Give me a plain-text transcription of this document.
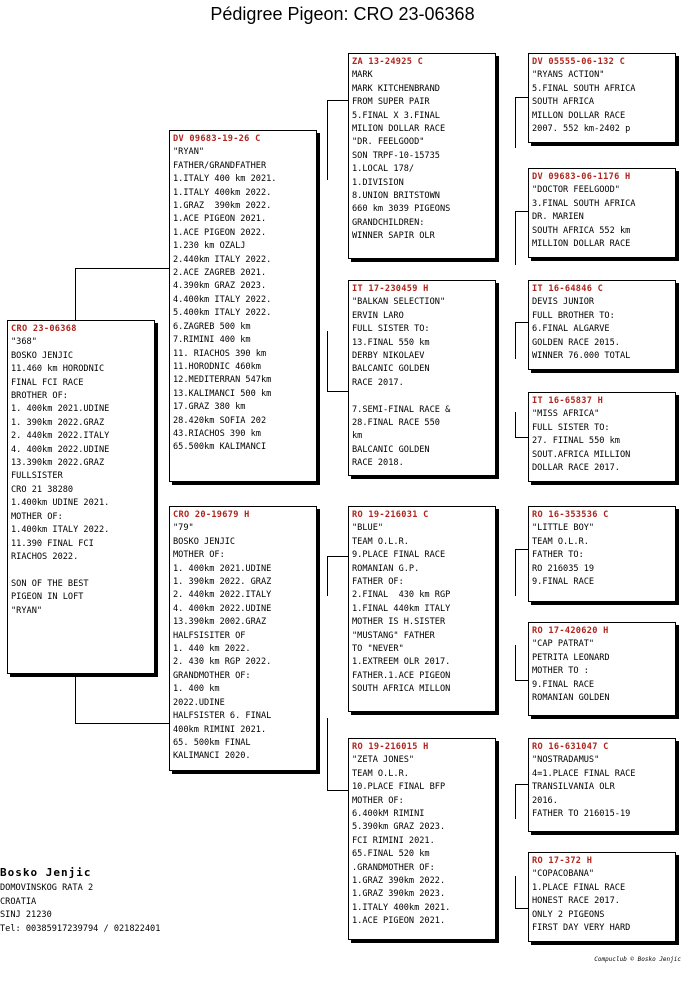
Pédigree Pigeon: CRO 23-06368
CRO 23-06368
"368"
BOSKO JENJIC
11.460 km HORODNIC
FINAL FCI RACE
BROTHER OF:
1. 400km 2021.UDINE
1. 390km 2022.GRAZ
2. 440km 2022.ITALY
4. 400km 2022.UDINE
13.390km 2022.GRAZ
FULLSISTER
CRO 21 38280
1.400km UDINE 2021.
MOTHER OF:
1.400km ITALY 2022.
11.390 FINAL FCI
RIACHOS 2022.
SON OF THE BEST
PIGEON IN LOFT
"RYAN"
DV 09683-19-26 C
"RYAN"
FATHER/GRANDFATHER
1.ITALY 400 km 2021.
1.ITALY 400km 2022.
1.GRAZ  390km 2022.
1.ACE PIGEON 2021.
1.ACE PIGEON 2022.
1.230 km OZALJ
2.440km ITALY 2022.
2.ACE ZAGREB 2021.
4.390km GRAZ 2023.
4.400km ITALY 2022.
5.400km ITALY 2022.
6.ZAGREB 500 km
7.RIMINI 400 km
11. RIACHOS 390 km
11.HORODNIC 460km
12.MEDITERRAN 547km
13.KALIMANCI 500 km
17.GRAZ 380 km
28.420km SOFIA 202
43.RIACHOS 390 km
65.500km KALIMANCI
CRO 20-19679 H
"79"
BOSKO JENJIC
MOTHER OF:
1. 400km 2021.UDINE
1. 390km 2022. GRAZ
2. 440km 2022.ITALY
4. 400km 2022.UDINE
13.390km 2002.GRAZ
HALFSISITER OF
1. 440 km 2022.
2. 430 km RGP 2022.
GRANDMOTHER OF:
1. 400 km
2022.UDINE
HALFSISTER 6. FINAL
400km RIMINI 2021.
65. 500km FINAL
KALIMANCI 2020.
ZA 13-24925 C
MARK
MARK KITCHENBRAND
FROM SUPER PAIR
5.FINAL X 3.FINAL
MILION DOLLAR RACE
"DR. FEELGOOD"
SON TRPF-10-15735
1.LOCAL 178/
1.DIVISION
8.UNION BRITSTOWN
660 km 3039 PIGEONS
GRANDCHILDREN:
WINNER SAPIR OLR
IT 17-230459 H
"BALKAN SELECTION"
ERVIN LARO
FULL SISTER TO:
13.FINAL 550 km
DERBY NIKOLAEV
BALCANIC GOLDEN
RACE 2017.
7.SEMI-FINAL RACE &
28.FINAL RACE 550
km
BALCANIC GOLDEN
RACE 2018.
RO 19-216031 C
"BLUE"
TEAM O.L.R.
9.PLACE FINAL RACE
ROMANIAN G.P.
FATHER OF:
2.FINAL  430 km RGP
1.FINAL 440km ITALY
MOTHER IS H.SISTER
"MUSTANG" FATHER
TO "NEVER"
1.EXTREEM OLR 2017.
FATHER.1.ACE PIGEON
SOUTH AFRICA MILLON
RO 19-216015 H
"ZETA JONES"
TEAM O.L.R.
10.PLACE FINAL BFP
MOTHER OF:
6.400kM RIMINI
5.390km GRAZ 2023.
FCI RIMINI 2021.
65.FINAL 520 km
.GRANDMOTHER OF:
1.GRAZ 390km 2022.
1.GRAZ 390km 2023.
1.ITALY 400km 2021.
1.ACE PIGEON 2021.
DV 05555-06-132 C
"RYANS ACTION"
5.FINAL SOUTH AFRICA
SOUTH AFRICA
MILLON DOLLAR RACE
2007. 552 km-2402 p
DV 09683-06-1176 H
"DOCTOR FEELGOOD"
3.FINAL SOUTH AFRICA
DR. MARIEN
SOUTH AFRICA 552 km
MILLION DOLLAR RACE
IT 16-64846 C
DEVIS JUNIOR
FULL BROTHER TO:
6.FINAL ALGARVE
GOLDEN RACE 2015.
WINNER 76.000 TOTAL
IT 16-65837 H
"MISS AFRICA"
FULL SISTER TO:
27. FIINAL 550 km
SOUT.AFRICA MILLION
DOLLAR RACE 2017.
RO 16-353536 C
"LITTLE BOY"
TEAM O.L.R.
FATHER TO:
RO 216035 19
9.FINAL RACE
RO 17-420620 H
"CAP PATRAT"
PETRITA LEONARD
MOTHER TO :
9.FINAL RACE
ROMANIAN GOLDEN
RO 16-631047 C
"NOSTRADAMUS"
4=1.PLACE FINAL RACE
TRANSILVANIA OLR
2016.
FATHER TO 216015-19
RO 17-372 H
"COPACOBANA"
1.PLACE FINAL RACE
HONEST RACE 2017.
ONLY 2 PIGEONS
FIRST DAY VERY HARD
Bosko Jenjic
DOMOVINSKOG RATA 2
CROATIA
SINJ 21230
Tel: 00385917239794 / 021822401
Compuclub © Bosko Jenjic
